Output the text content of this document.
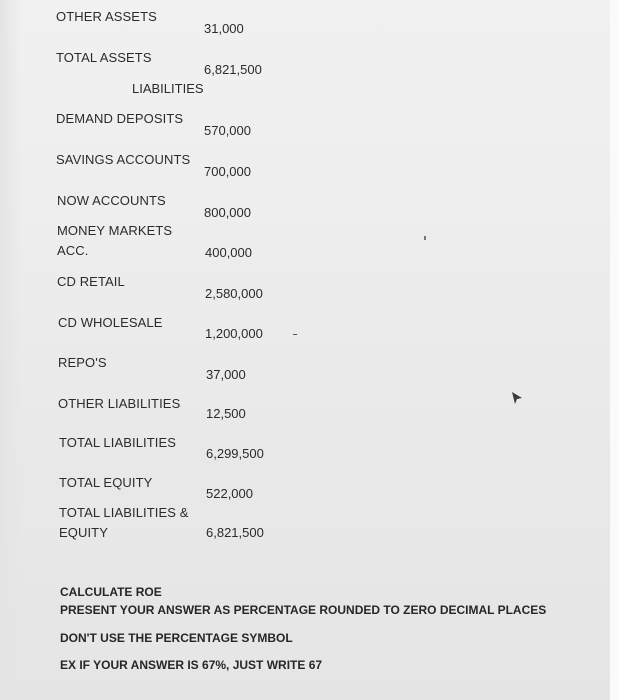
OTHER ASSETS
31,000
TOTAL ASSETS
6,821,500
LIABILITIES
DEMAND DEPOSITS
570,000
SAVINGS ACCOUNTS
700,000
NOW ACCOUNTS
800,000
MONEY MARKETS
ACC.	400,000
CD RETAIL
2,580,000
CD WHOLESALE
1,200,000
REPO'S
37,000
OTHER LIABILITIES
12,500
TOTAL LIABILITIES
6,299,500
TOTAL EQUITY
522,000
TOTAL LIABILITIES &
EQUITY	6,821,500
CALCULATE ROE
PRESENT YOUR ANSWER AS PERCENTAGE ROUNDED TO ZERO DECIMAL PLACES
DON'T USE THE PERCENTAGE SYMBOL
EX IF YOUR ANSWER IS 67%, JUST WRITE 67
